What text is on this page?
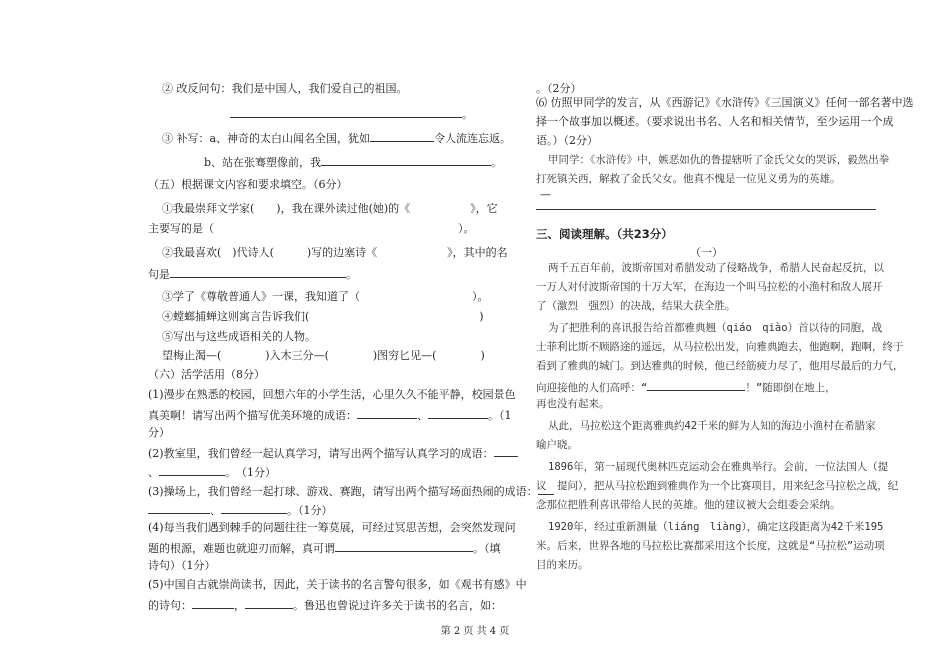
② 改反问句：我们是中国人，我们爱自己的祖国。
。
③ 补写：a、神奇的太白山闻名全国，犹如	令人流连忘返。
b、站在张骞塑像前，我	。
（五）根据课文内容和要求填空。（6分）
①我最崇拜文学家(　　)，我在课外读过他(她)的《	》，它
主要写的是（	）。
②我最喜欢(　)代诗人(　　　)写的边塞诗《	》，其中的名
句是	。
③学了《尊敬普通人》一课，我知道了（	）。
④螳螂捕蝉这则寓言告诉我们(	)
⑤写出与这些成语相关的人物。
望梅止渴—(　　　　)入木三分—(　　　　)图穷匕见—(　　　　)
（六）活学活用（8分）
(1)漫步在熟悉的校园，回想六年的小学生活，心里久久不能平静，校园景色
真美啊！请写出两个描写优美环境的成语：	、	。（1
分）
(2)教室里，我们曾经一起认真学习，请写出两个描写认真学习的成语：
、	。　（1分）
(3)操场上，我们曾经一起打球、游戏、赛跑，请写出两个描写场面热闹的成语：
、	。（1分）
(4)每当我们遇到棘手的问题往往一筹莫展，可经过冥思苦想，会突然发现问
题的根源，难题也就迎刃而解，真可谓	。（填
诗句）（1分）
(5)中国自古就崇尚读书，因此，关于读书的名言警句很多，如《观书有感》中
的诗句：	，	。鲁迅也曾说过许多关于读书的名言，如：
。（2分）
⑹ 仿照甲同学的发言，从《西游记》《水浒传》《三国演义》任何一部名著中选
择一个故事加以概述。（要求说出书名、人名和相关情节，至少运用一个成
语。）（2分）
甲同学：《水浒传》中，嫉恶如仇的鲁提辖听了金氏父女的哭诉，毅然出拳
打死镇关西，解救了金氏父女。他真不愧是一位见义勇为的英雄。
—
三、阅读理解。（共23分）
（一）
两千五百年前，波斯帝国对希腊发动了侵略战争，希腊人民奋起反抗，以
一万人对付波斯帝国的十万大军，在海边一个叫马拉松的小渔村和敌人展开
了（激烈　强烈）的决战，结果大获全胜。
为了把胜利的喜讯报告给首都雅典翘（qiáo　qiào）首以待的同胞，战
士菲利比斯不顾路途的遥远，从马拉松出发，向雅典跑去，他跑啊，跑啊，终于
看到了雅典的城门。到达雅典的时候，他已经筋疲力尽了，他用尽最后的力气，
向迎接他的人们高呼：“	！”随即倒在地上，
再也没有起来。
从此，马拉松这个距离雅典约42千米的鲜为人知的海边小渔村在希腊家
喻户晓。
1896年，第一届现代奥林匹克运动会在雅典举行。会前，一位法国人（提
议　提问），把从马拉松跑到雅典作为一个比赛项目，用来纪念马拉松之战，纪
念那位把胜利喜讯带给人民的英雄。他的建议被大会组委会采纳。
1920年，经过重新测量（liáng　liàng），确定这段距离为42千米195
米。后来，世界各地的马拉松比赛都采用这个长度，这就是“马拉松”运动项
目的来历。
第 2 页 共 4 页
